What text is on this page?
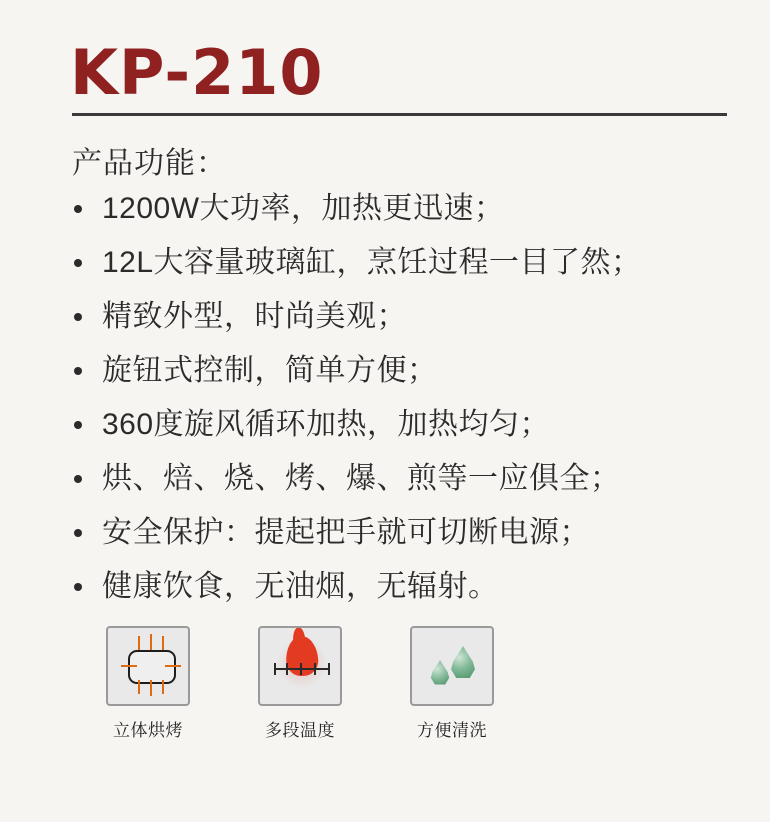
KP-210
产品功能：
1200W大功率，加热更迅速；
12L大容量玻璃缸，烹饪过程一目了然；
精致外型，时尚美观；
旋钮式控制，简单方便；
360度旋风循环加热，加热均匀；
烘、焙、烧、烤、爆、煎等一应俱全；
安全保护：提起把手就可切断电源；
健康饮食，无油烟，无辐射。
立体烘烤	多段温度	方便清洗
